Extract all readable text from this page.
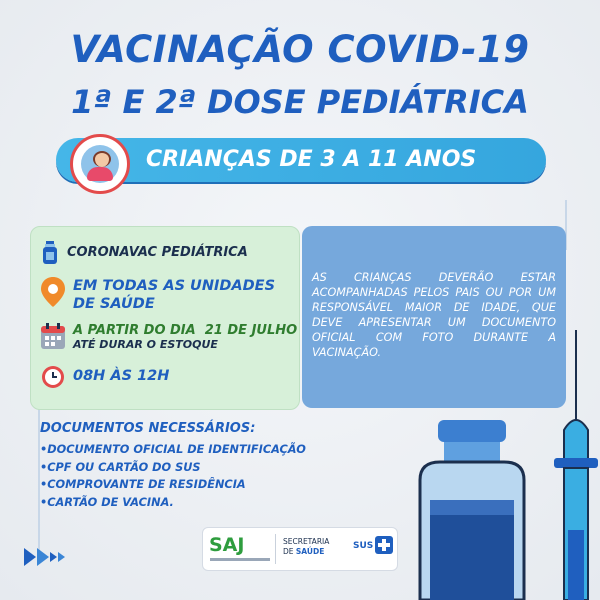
VACINAÇÃO COVID-19
1ª E 2ª DOSE PEDIÁTRICA
CRIANÇAS DE 3 A 11 ANOS
CORONAVAC PEDIÁTRICA
EM TODAS AS UNIDADES
DE SAÚDE
A PARTIR DO DIA  21 DE JULHO
ATÉ DURAR O ESTOQUE
08H ÀS 12H
AS CRIANÇAS DEVERÃO ESTAR ACOMPANHADAS PELOS PAIS OU POR UM RESPONSÁVEL MAIOR DE IDADE, QUE DEVE APRESENTAR UM DOCUMENTO OFICIAL COM FOTO DURANTE A VACINAÇÃO.
DOCUMENTOS NECESSÁRIOS:
•DOCUMENTO OFICIAL DE IDENTIFICAÇÃO
•CPF OU CARTÃO DO SUS
•COMPROVANTE DE RESIDÊNCIA
•CARTÃO DE VACINA.
SAJ	SECRETARIA
DE SAÚDE
SUS
